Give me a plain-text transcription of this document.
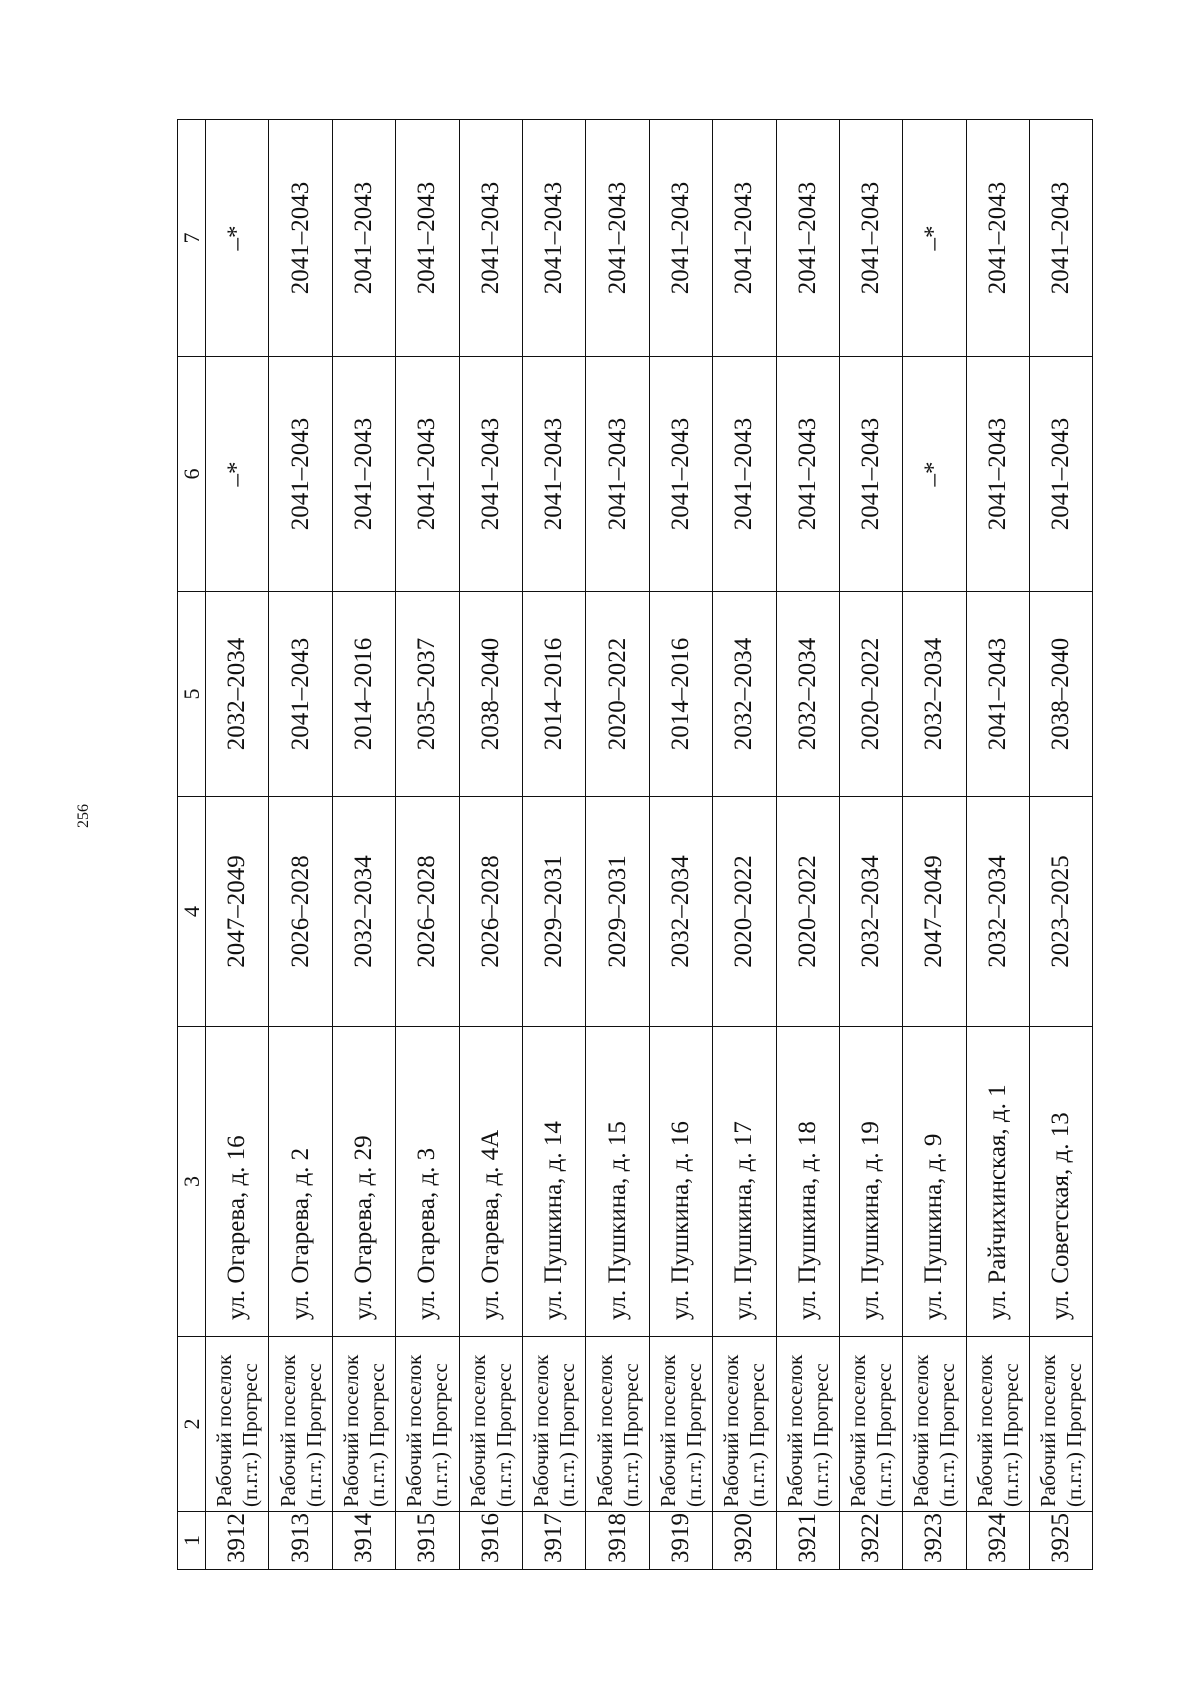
256
1	2	3	4	5	6	7
3912	Рабочий поселок
(п.г.т.) Прогресс	ул. Огарева, д. 16	2047–2049	2032–2034	–*	–*
3913	Рабочий поселок
(п.г.т.) Прогресс	ул. Огарева, д. 2	2026–2028	2041–2043	2041–2043	2041–2043
3914	Рабочий поселок
(п.г.т.) Прогресс	ул. Огарева, д. 29	2032–2034	2014–2016	2041–2043	2041–2043
3915	Рабочий поселок
(п.г.т.) Прогресс	ул. Огарева, д. 3	2026–2028	2035–2037	2041–2043	2041–2043
3916	Рабочий поселок
(п.г.т.) Прогресс	ул. Огарева, д. 4А	2026–2028	2038–2040	2041–2043	2041–2043
3917	Рабочий поселок
(п.г.т.) Прогресс	ул. Пушкина, д. 14	2029–2031	2014–2016	2041–2043	2041–2043
3918	Рабочий поселок
(п.г.т.) Прогресс	ул. Пушкина, д. 15	2029–2031	2020–2022	2041–2043	2041–2043
3919	Рабочий поселок
(п.г.т.) Прогресс	ул. Пушкина, д. 16	2032–2034	2014–2016	2041–2043	2041–2043
3920	Рабочий поселок
(п.г.т.) Прогресс	ул. Пушкина, д. 17	2020–2022	2032–2034	2041–2043	2041–2043
3921	Рабочий поселок
(п.г.т.) Прогресс	ул. Пушкина, д. 18	2020–2022	2032–2034	2041–2043	2041–2043
3922	Рабочий поселок
(п.г.т.) Прогресс	ул. Пушкина, д. 19	2032–2034	2020–2022	2041–2043	2041–2043
3923	Рабочий поселок
(п.г.т.) Прогресс	ул. Пушкина, д. 9	2047–2049	2032–2034	–*	–*
3924	Рабочий поселок
(п.г.т.) Прогресс	ул. Райчихинская, д. 1	2032–2034	2041–2043	2041–2043	2041–2043
3925	Рабочий поселок
(п.г.т.) Прогресс	ул. Советская, д. 13	2023–2025	2038–2040	2041–2043	2041–2043
